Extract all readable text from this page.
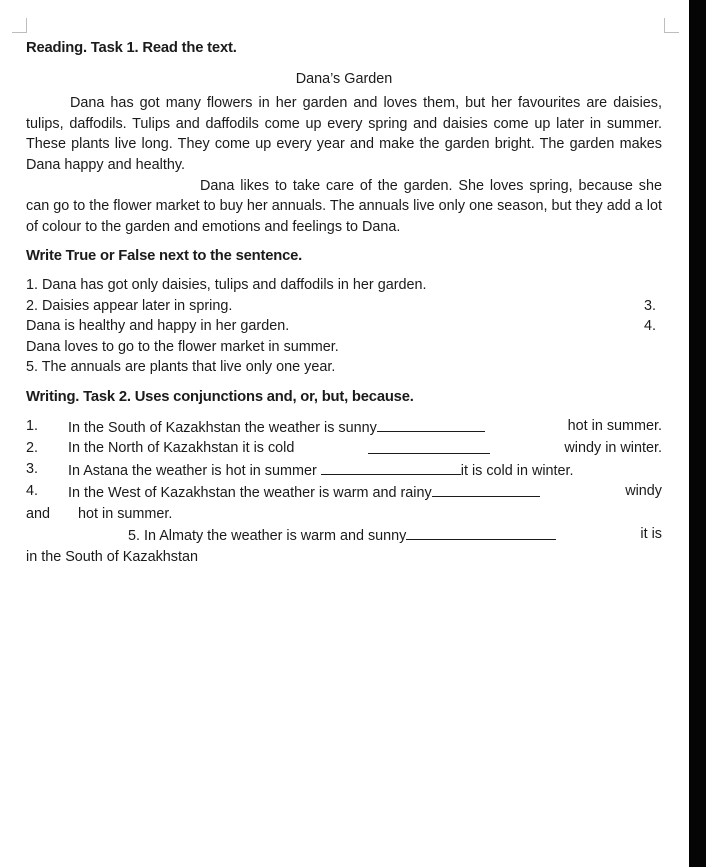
Reading. Task 1. Read the text.
Dana’s Garden
Dana has got many flowers in her garden and loves them, but her favourites are daisies, tulips, daffodils. Tulips and daffodils come up every spring and daisies come up later in summer. These plants live long. They come up every year and make the garden bright. The garden makes Dana happy and healthy.
Dana likes to take care of the garden. She loves spring, because she can go to the flower market to buy her annuals. The annuals live only one season, but they add a lot of colour to the garden and emotions and feelings to Dana.
Write True or False next to the sentence.
1. Dana has got only daisies, tulips and daffodils in her garden.
2. Daisies appear later in spring.	3.
Dana is healthy and happy in her garden.	4.
Dana loves to go to the flower market in summer.
5. The annuals are plants that live only one year.
Writing. Task 2. Uses conjunctions and, or, but, because.
1.	In the South of Kazakhstan the weather is sunny	hot in summer.
2.	In the North of Kazakhstan it is cold	windy in winter.
3.	In Astana the weather is hot in summer	it is cold in winter.
4.	In the West of Kazakhstan the weather is warm and rainy	windy
and	hot in summer.
5. In Almaty the weather is warm and sunny	it is
in the South of Kazakhstan
